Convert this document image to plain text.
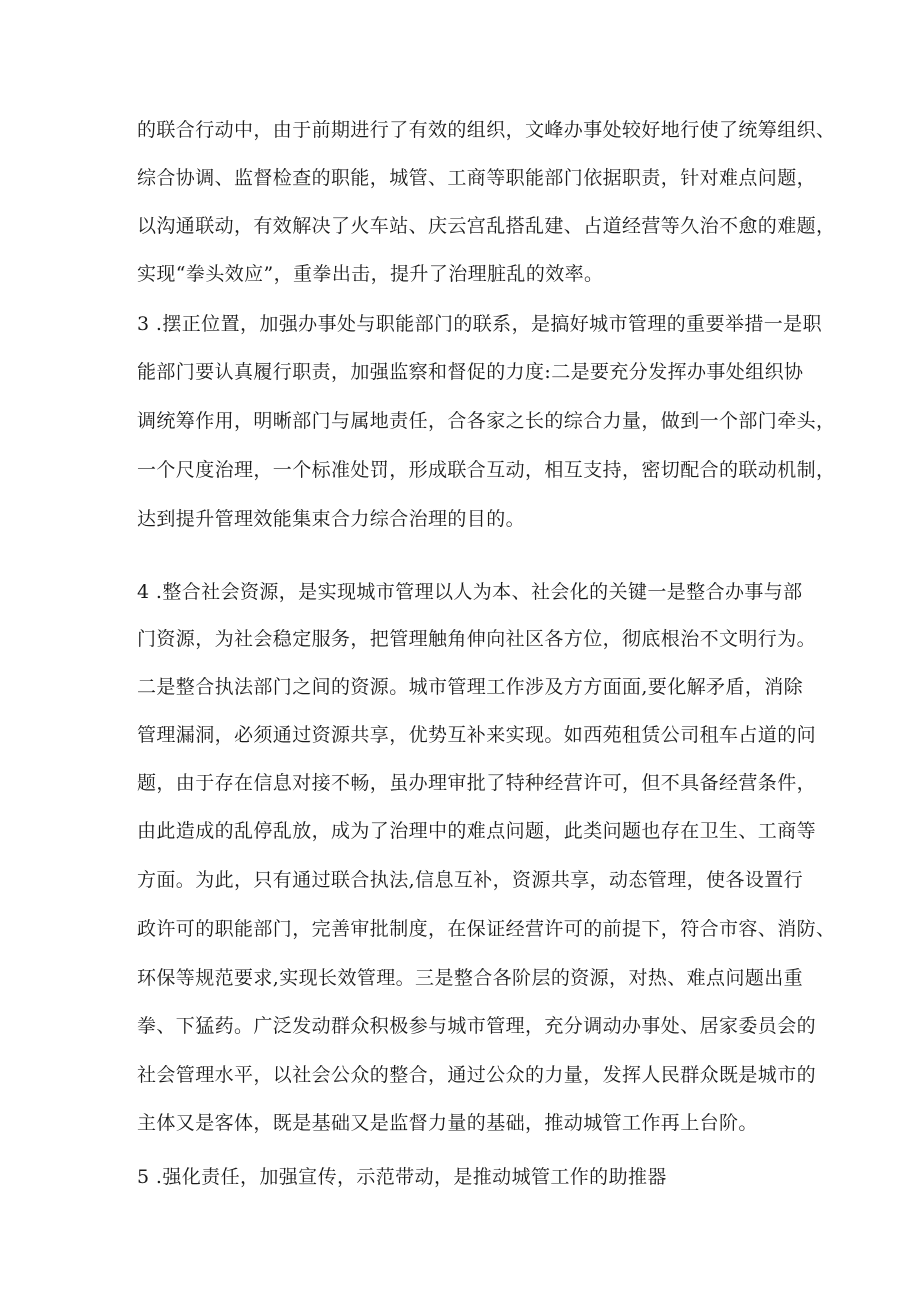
的联合行动中，由于前期进行了有效的组织，文峰办事处较好地行使了统筹组织、
综合协调、监督检查的职能，城管、工商等职能部门依据职责，针对难点问题，
以沟通联动，有效解决了火车站、庆云宫乱搭乱建、占道经营等久治不愈的难题，
实现“拳头效应”，重拳出击，提升了治理脏乱的效率。
3 .摆正位置，加强办事处与职能部门的联系，是搞好城市管理的重要举措一是职
能部门要认真履行职责，加强监察和督促的力度:二是要充分发挥办事处组织协
调统筹作用，明晰部门与属地责任，合各家之长的综合力量，做到一个部门牵头，
一个尺度治理，一个标准处罚，形成联合互动，相互支持，密切配合的联动机制，
达到提升管理效能集束合力综合治理的目的。
4 .整合社会资源，是实现城市管理以人为本、社会化的关键一是整合办事与部
门资源，为社会稳定服务，把管理触角伸向社区各方位，彻底根治不文明行为。
二是整合执法部门之间的资源。城市管理工作涉及方方面面,要化解矛盾，消除
管理漏洞，必须通过资源共享，优势互补来实现。如西苑租赁公司租车占道的问
题，由于存在信息对接不畅，虽办理审批了特种经营许可，但不具备经营条件，
由此造成的乱停乱放，成为了治理中的难点问题，此类问题也存在卫生、工商等
方面。为此，只有通过联合执法,信息互补，资源共享，动态管理，使各设置行
政许可的职能部门，完善审批制度，在保证经营许可的前提下，符合市容、消防、
环保等规范要求,实现长效管理。三是整合各阶层的资源，对热、难点问题出重
拳、下猛药。广泛发动群众积极参与城市管理，充分调动办事处、居家委员会的
社会管理水平，以社会公众的整合，通过公众的力量，发挥人民群众既是城市的
主体又是客体，既是基础又是监督力量的基础，推动城管工作再上台阶。
5 .强化责任，加强宣传，示范带动，是推动城管工作的助推器
